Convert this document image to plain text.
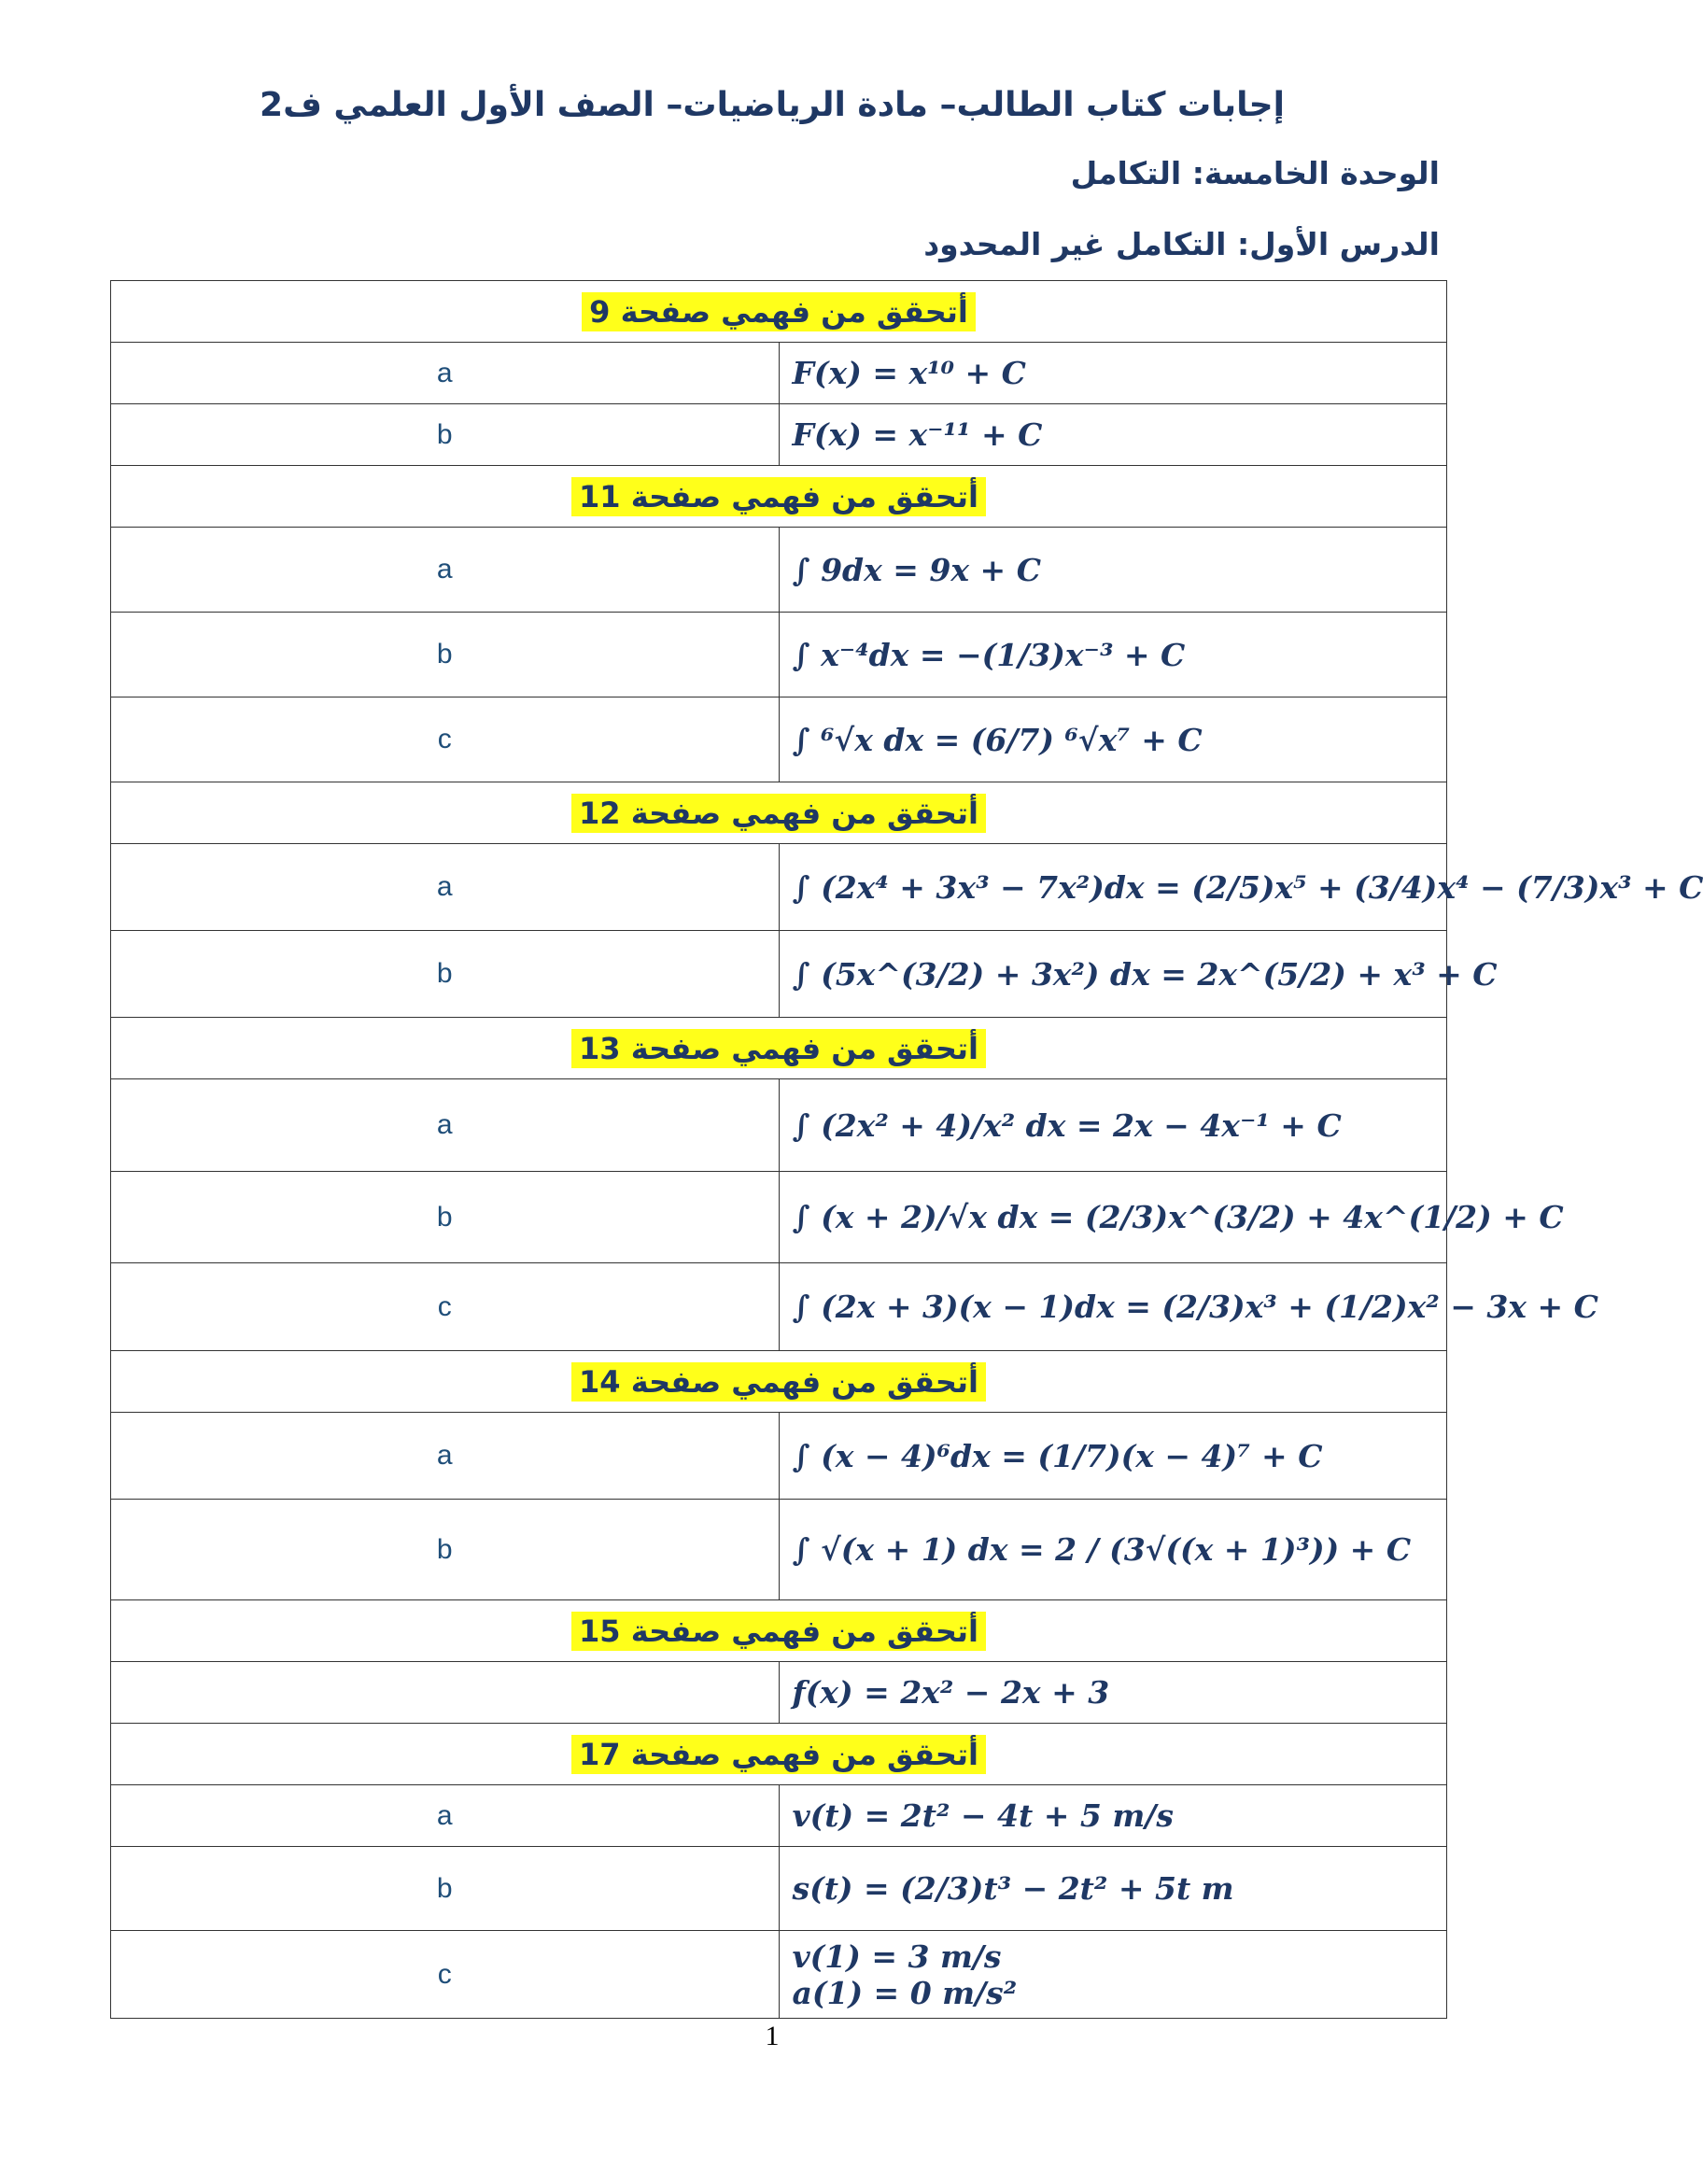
إجابات كتاب الطالب– مادة الرياضيات– الصف الأول العلمي ف2
الوحدة الخامسة: التكامل
الدرس الأول: التكامل غير المحدود
أتحقق من فهمي صفحة 9	
a	F(x) = x¹⁰ + C
b	F(x) = x⁻¹¹ + C
أتحقق من فهمي صفحة 11	
a	∫ 9dx = 9x + C
b	∫ x⁻⁴dx = −(1/3)x⁻³ + C
c	∫ ⁶√x dx = (6/7) ⁶√x⁷ + C
أتحقق من فهمي صفحة 12	
a	∫ (2x⁴ + 3x³ − 7x²)dx = (2/5)x⁵ + (3/4)x⁴ − (7/3)x³ + C
b	∫ (5x^(3/2) + 3x²) dx = 2x^(5/2) + x³ + C
أتحقق من فهمي صفحة 13	
a	∫ (2x² + 4)/x² dx = 2x − 4x⁻¹ + C
b	∫ (x + 2)/√x dx = (2/3)x^(3/2) + 4x^(1/2) + C
c	∫ (2x + 3)(x − 1)dx = (2/3)x³ + (1/2)x² − 3x + C
أتحقق من فهمي صفحة 14	
a	∫ (x − 4)⁶dx = (1/7)(x − 4)⁷ + C
b	∫ √(x + 1) dx = 2 / (3√((x + 1)³)) + C
أتحقق من فهمي صفحة 15	
	f(x) = 2x² − 2x + 3
أتحقق من فهمي صفحة 17	
a	v(t) = 2t² − 4t + 5 m/s
b	s(t) = (2/3)t³ − 2t² + 5t m
c	v(1) = 3 m/s
a(1) = 0 m/s²
1
